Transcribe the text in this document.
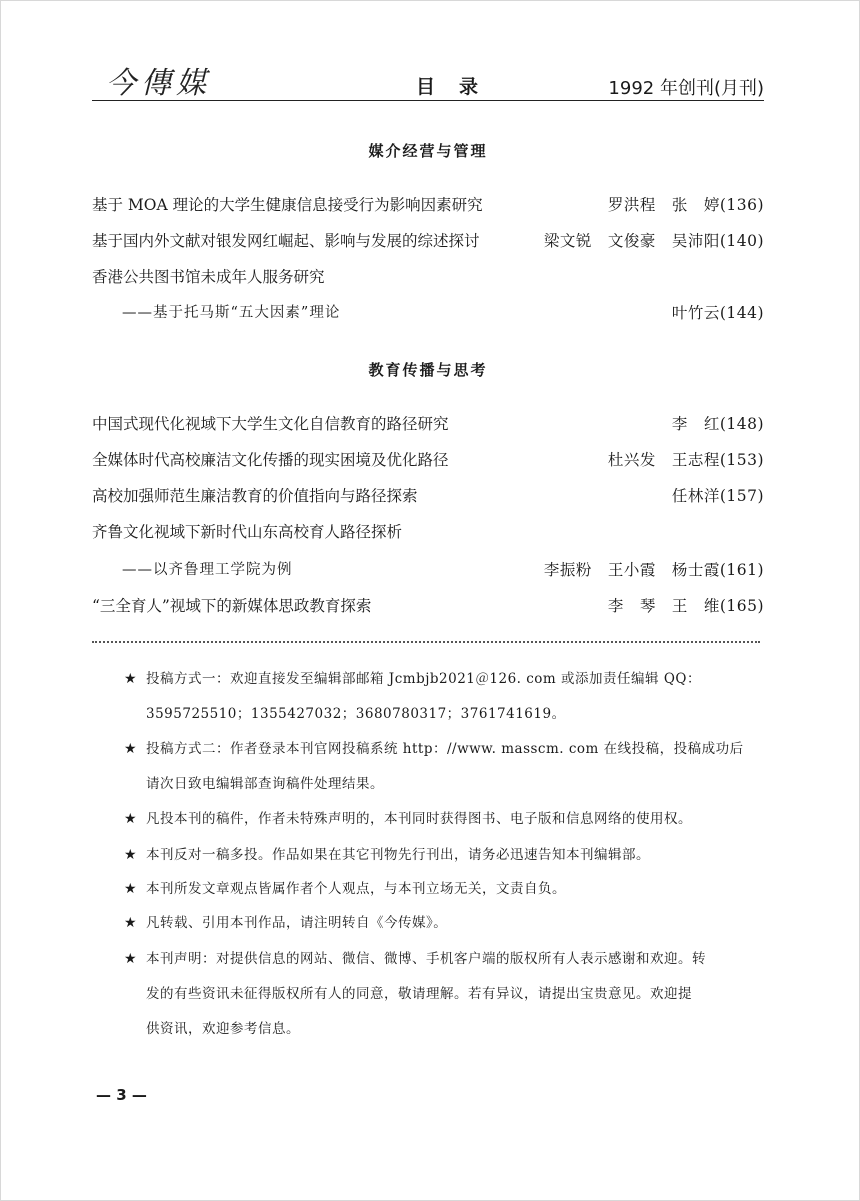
今傳媒	目录	1992 年创刊(月刊)
媒介经营与管理
基于 MOA 理论的大学生健康信息接受行为影响因素研究	罗洪程　张　婷(136)
基于国内外文献对银发网红崛起、影响与发展的综述探讨	梁文锐　文俊豪　吴沛阳(140)
香港公共图书馆未成年人服务研究
——基于托马斯“五大因素”理论	叶竹云(144)
教育传播与思考
中国式现代化视域下大学生文化自信教育的路径研究	李　红(148)
全媒体时代高校廉洁文化传播的现实困境及优化路径	杜兴发　王志程(153)
高校加强师范生廉洁教育的价值指向与路径探索	任林洋(157)
齐鲁文化视域下新时代山东高校育人路径探析
——以齐鲁理工学院为例	李振粉　王小霞　杨士霞(161)
“三全育人”视域下的新媒体思政教育探索	李　琴　王　维(165)
★ 投稿方式一：欢迎直接发至编辑部邮箱 Jcmbjb2021＠126. com 或添加责任编辑 QQ：
3595725510；1355427032；3680780317；3761741619。
★ 投稿方式二：作者登录本刊官网投稿系统 http：//www. masscm. com 在线投稿，投稿成功后
请次日致电编辑部查询稿件处理结果。
★ 凡投本刊的稿件，作者未特殊声明的，本刊同时获得图书、电子版和信息网络的使用权。
★ 本刊反对一稿多投。作品如果在其它刊物先行刊出，请务必迅速告知本刊编辑部。
★ 本刊所发文章观点皆属作者个人观点，与本刊立场无关，文责自负。
★ 凡转载、引用本刊作品，请注明转自《今传媒》。
★ 本刊声明：对提供信息的网站、微信、微博、手机客户端的版权所有人表示感谢和欢迎。转
发的有些资讯未征得版权所有人的同意，敬请理解。若有异议，请提出宝贵意见。欢迎提
供资讯，欢迎参考信息。
— 3 —
